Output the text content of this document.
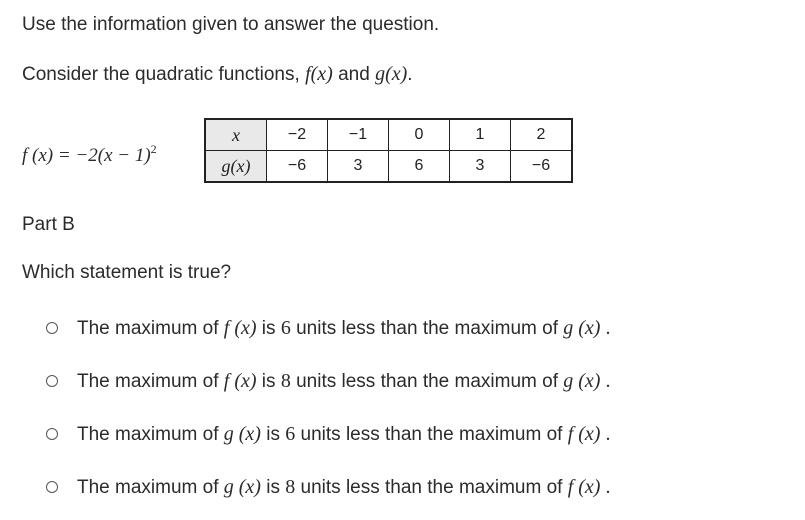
Use the information given to answer the question.
Consider the quadratic functions, f(x) and g(x).
f $(x) = -2(x - 1)^2$
x	−2	−1	0	1	2
g(x)	−6	3	6	3	−6
Part B
Which statement is true?
The maximum of f (x) is 6 units less than the maximum of g (x) .
The maximum of f (x) is 8 units less than the maximum of g (x) .
The maximum of g (x) is 6 units less than the maximum of f (x) .
The maximum of g (x) is 8 units less than the maximum of f (x) .
